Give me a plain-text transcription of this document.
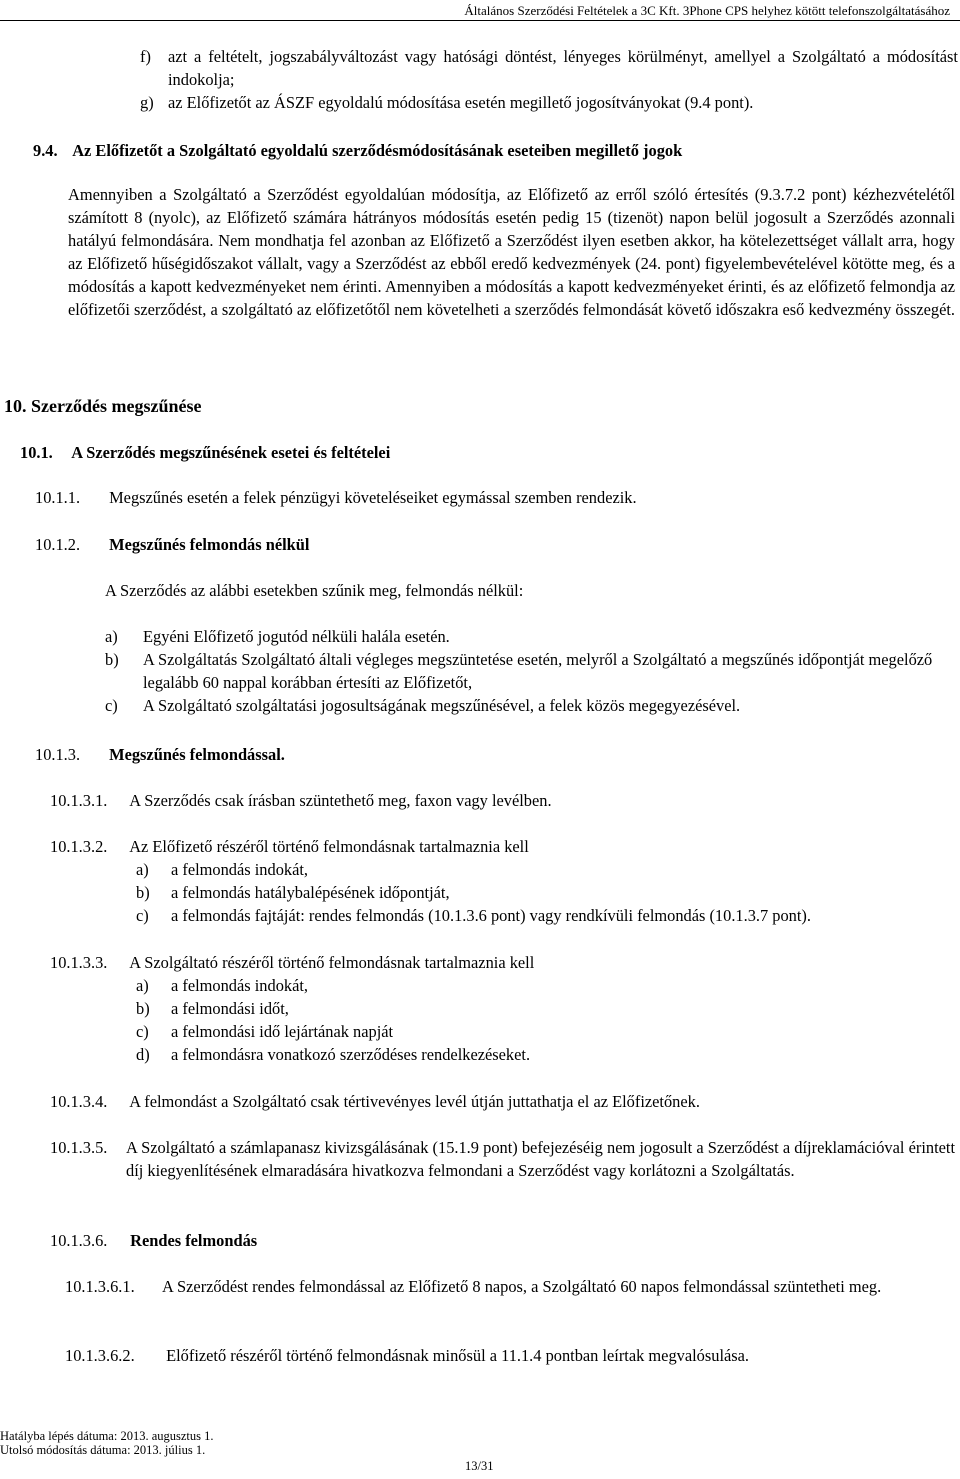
Általános Szerződési Feltételek a 3C Kft. 3Phone CPS helyhez kötött telefonszolgáltatásához
f)	azt a feltételt, jogszabályváltozást vagy hatósági döntést, lényeges körülményt, amellyel a Szolgáltató a módosítást indokolja;
g) az Előfizetőt az ÁSZF egyoldalú módosítása esetén megillető jogosítványokat (9.4 pont).
9.4. Az Előfizetőt a Szolgáltató egyoldalú szerződésmódosításának eseteiben megillető jogok
Amennyiben a Szolgáltató a Szerződést egyoldalúan módosítja, az Előfizető az erről szóló értesítés (9.3.7.2 pont) kézhezvételétől számított 8 (nyolc), az Előfizető számára hátrányos módosítás esetén pedig 15 (tizenöt) napon belül jogosult a Szerződés azonnali hatályú felmondására. Nem mondhatja fel azonban az Előfizető a Szerződést ilyen esetben akkor, ha kötelezettséget vállalt arra, hogy az Előfizető hűségidőszakot vállalt, vagy a Szerződést az ebből eredő kedvezmények (24. pont) figyelembevételével kötötte meg, és a módosítás a kapott kedvezményeket nem érinti. Amennyiben a módosítás a kapott kedvezményeket érinti, és az előfizető felmondja az előfizetői szerződést, a szolgáltató az előfizetőtől nem követelheti a szerződés felmondását követő időszakra eső kedvezmény összegét.
10. Szerződés megszűnése
10.1. A Szerződés megszűnésének esetei és feltételei
10.1.1. Megszűnés esetén a felek pénzügyi követeléseiket egymással szemben rendezik.
10.1.2. Megszűnés felmondás nélkül
A Szerződés az alábbi esetekben szűnik meg, felmondás nélkül:
a)	Egyéni Előfizető jogutód nélküli halála esetén.
b)	A Szolgáltatás Szolgáltató általi végleges megszüntetése esetén, melyről a Szolgáltató a megszűnés időpontját megelőző legalább 60 nappal korábban értesíti az Előfizetőt,
c)	A Szolgáltató szolgáltatási jogosultságának megszűnésével, a felek közös megegyezésével.
10.1.3. Megszűnés felmondással.
10.1.3.1. A Szerződés csak írásban szüntethető meg, faxon vagy levélben.
10.1.3.2. Az Előfizető részéről történő felmondásnak tartalmaznia kell
a)	a felmondás indokát,
b)	a felmondás hatálybalépésének időpontját,
c)	a felmondás fajtáját: rendes felmondás (10.1.3.6 pont) vagy rendkívüli felmondás (10.1.3.7 pont).
10.1.3.3. A Szolgáltató részéről történő felmondásnak tartalmaznia kell
a)	a felmondás indokát,
b)	a felmondási időt,
c)	a felmondási idő lejártának napját
d)	a felmondásra vonatkozó szerződéses rendelkezéseket.
10.1.3.4. A felmondást a Szolgáltató csak tértivevényes levél útján juttathatja el az Előfizetőnek.
10.1.3.5.	A Szolgáltató a számlapanasz kivizsgálásának (15.1.9 pont) befejezéséig nem jogosult a Szerződést a díjreklamációval érintett díj kiegyenlítésének elmaradására hivatkozva felmondani a Szerződést vagy korlátozni a Szolgáltatás.
10.1.3.6. Rendes felmondás
10.1.3.6.1.	A Szerződést rendes felmondással az Előfizető 8 napos, a Szolgáltató 60 napos felmondással szüntetheti meg.
10.1.3.6.2. Előfizető részéről történő felmondásnak minősül a 11.1.4 pontban leírtak megvalósulása.
Hatályba lépés dátuma: 2013. augusztus 1.
Utolsó módosítás dátuma: 2013. július 1.
13/31
